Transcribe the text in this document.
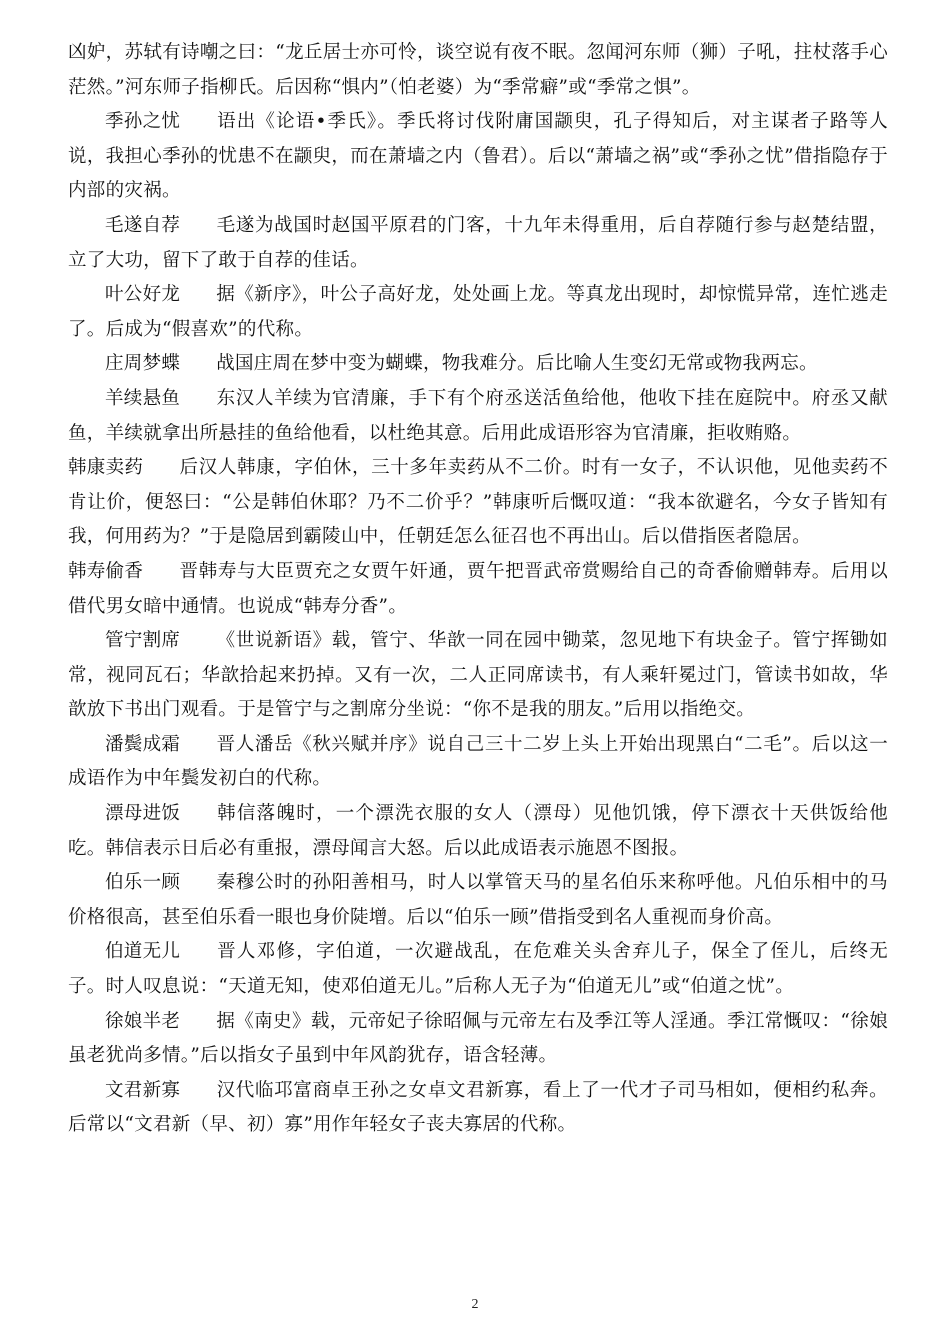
凶妒，苏轼有诗嘲之曰：“龙丘居士亦可怜，谈空说有夜不眠。忽闻河东师（狮）子吼，拄杖落手心茫然。”河东师子指柳氏。后因称“惧内”（怕老婆）为“季常癖”或“季常之惧”。

季孙之忧 语出《论语•季氏》。季氏将讨伐附庸国颛臾，孔子得知后，对主谋者子路等人说，我担心季孙的忧患不在颛臾，而在萧墙之内（鲁君）。后以“萧墙之祸”或“季孙之忧”借指隐存于内部的灾祸。

毛遂自荐 毛遂为战国时赵国平原君的门客，十九年未得重用，后自荐随行参与赵楚结盟，立了大功，留下了敢于自荐的佳话。

叶公好龙 据《新序》，叶公子高好龙，处处画上龙。等真龙出现时，却惊慌异常，连忙逃走了。后成为“假喜欢”的代称。

庄周梦蝶 战国庄周在梦中变为蝴蝶，物我难分。后比喻人生变幻无常或物我两忘。

羊续悬鱼 东汉人羊续为官清廉，手下有个府丞送活鱼给他，他收下挂在庭院中。府丞又献鱼，羊续就拿出所悬挂的鱼给他看，以杜绝其意。后用此成语形容为官清廉，拒收贿赂。

韩康卖药 后汉人韩康，字伯休，三十多年卖药从不二价。时有一女子，不认识他，见他卖药不肯让价，便怒曰：“公是韩伯休耶？乃不二价乎？”韩康听后慨叹道：“我本欲避名，今女子皆知有我，何用药为？”于是隐居到霸陵山中，任朝廷怎么征召也不再出山。后以借指医者隐居。

韩寿偷香 晋韩寿与大臣贾充之女贾午奸通，贾午把晋武帝赏赐给自己的奇香偷赠韩寿。后用以借代男女暗中通情。也说成“韩寿分香”。

管宁割席 《世说新语》载，管宁、华歆一同在园中锄菜，忽见地下有块金子。管宁挥锄如常，视同瓦石；华歆拾起来扔掉。又有一次，二人正同席读书，有人乘轩冕过门，管读书如故，华歆放下书出门观看。于是管宁与之割席分坐说：“你不是我的朋友。”后用以指绝交。

潘鬓成霜 晋人潘岳《秋兴赋并序》说自己三十二岁上头上开始出现黑白“二毛”。后以这一成语作为中年鬓发初白的代称。

漂母进饭 韩信落魄时，一个漂洗衣服的女人（漂母）见他饥饿，停下漂衣十天供饭给他吃。韩信表示日后必有重报，漂母闻言大怒。后以此成语表示施恩不图报。

伯乐一顾 秦穆公时的孙阳善相马，时人以掌管天马的星名伯乐来称呼他。凡伯乐相中的马价格很高，甚至伯乐看一眼也身价陡增。后以“伯乐一顾”借指受到名人重视而身价高。

伯道无儿 晋人邓修，字伯道，一次避战乱，在危难关头舍弃儿子，保全了侄儿，后终无子。时人叹息说：“天道无知，使邓伯道无儿。”后称人无子为“伯道无儿”或“伯道之忧”。

徐娘半老 据《南史》载，元帝妃子徐昭佩与元帝左右及季江等人淫通。季江常慨叹：“徐娘虽老犹尚多情。”后以指女子虽到中年风韵犹存，语含轻薄。

文君新寡 汉代临邛富商卓王孙之女卓文君新寡，看上了一代才子司马相如，便相约私奔。后常以“文君新（早、初）寡”用作年轻女子丧夫寡居的代称。

2
